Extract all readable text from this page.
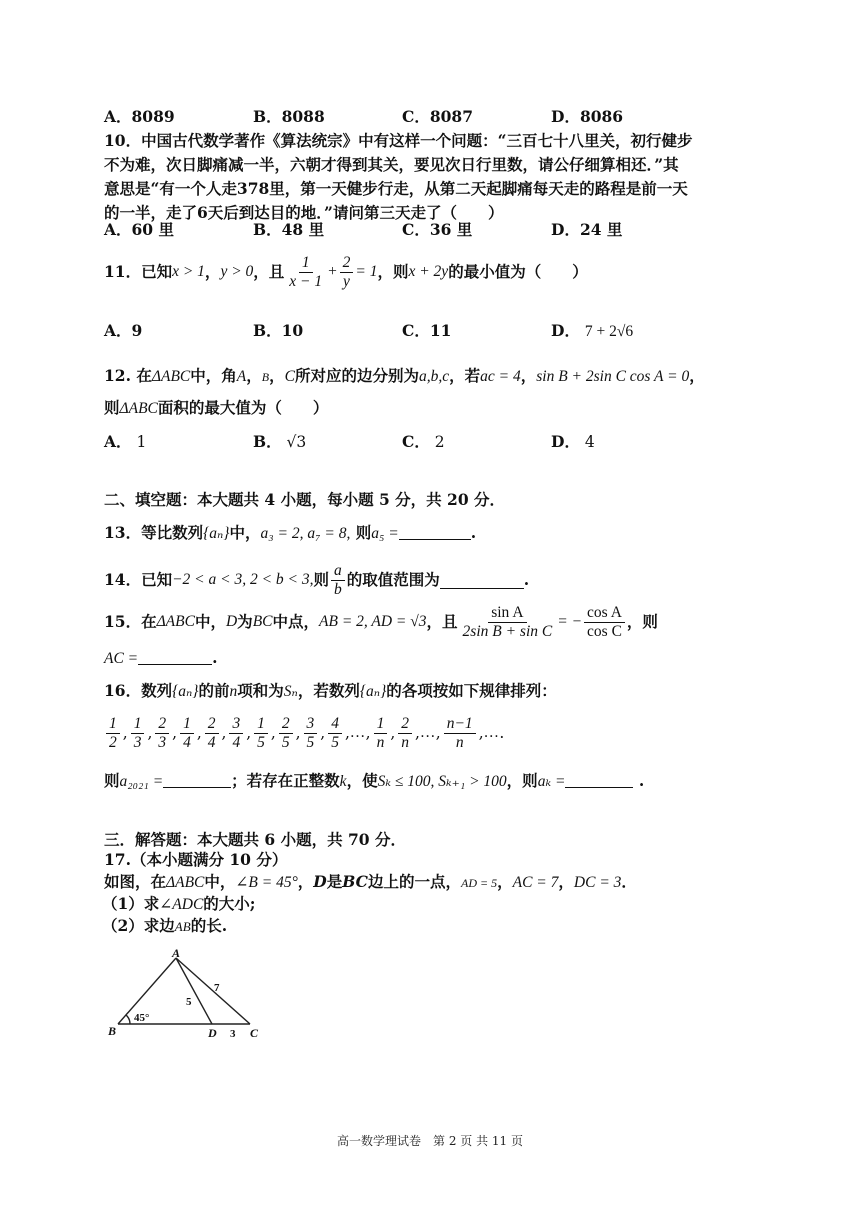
A．8089	B．8088	C．8087	D．8086
10．中国古代数学著作《算法统宗》中有这样一个问题：“三百七十八里关，初行健步
不为难，次日脚痛减一半，六朝才得到其关，要见次日行里数，请公仔细算相还．”其
意思是“有一个人走378里，第一天健步行走，从第二天起脚痛每天走的路程是前一天
的一半，走了6天后到达目的地．”请问第三天走了（　　）
A．60 里	B．48 里	C．36 里	D．24 里
11．已知 x > 1 ， y > 0 ，且 $\frac{1}{x - 1} + \frac{2}{y} = 1$ ，则 x + 2y 的最小值为（　　）
A．9	B．10	C．11	D． 7 + 2√6
12. 在ΔABC中，角A，B，C所对应的边分别为a,b,c，若ac = 4，sin B + 2sin C cos A = 0，
则ΔABC面积的最大值为（　　）
A． 1	B． √3	C． 2	D． 4
二、填空题：本大题共 4 小题，每小题 5 分，共 20 分．
13．等比数列{aₙ}中，a₃ = 2, a₇ = 8, 则a₅ =	.
14．已知 −2 < a < 3, 2 < b < 3, 则 $\frac{a}{b}$ 的取值范围为	.
15．在 ΔABC 中， D 为 BC 中点， AB = 2, AD = √3 ，且 $\frac{\text{sin A}}{\text{2sin B + sin C}}$ = − $\frac{\text{cos A}}{\text{cos C}}$ ，则
AC =	.
16．数列{aₙ}的前n项和为Sₙ，若数列{aₙ}的各项按如下规律排列：
$\frac{1}{2}$ , $\frac{1}{3}$ , $\frac{2}{3}$ , $\frac{1}{4}$ , $\frac{2}{4}$ , $\frac{3}{4}$ , $\frac{1}{5}$ , $\frac{2}{5}$ , $\frac{3}{5}$ , $\frac{4}{5}$ , … , $\frac{1}{n}$ , $\frac{2}{n}$ , … , $\frac{n-1}{n}$ , … .
则a₂₀₂₁ =	；若存在正整数k，使Sₖ ≤ 100, Sₖ₊₁ > 100，则aₖ =	.
三．解答题：本大题共 6 小题，共 70 分．
17.（本小题满分 10 分）
如图，在ΔABC中，∠B = 45°，D是BC边上的一点，AD = 5，AC = 7，DC = 3．
（1）求∠ADC的大小;
（2）求边AB的长.
A
B	D	C
45°
5
7
3
高一数学理试卷　第 2 页 共 11 页
